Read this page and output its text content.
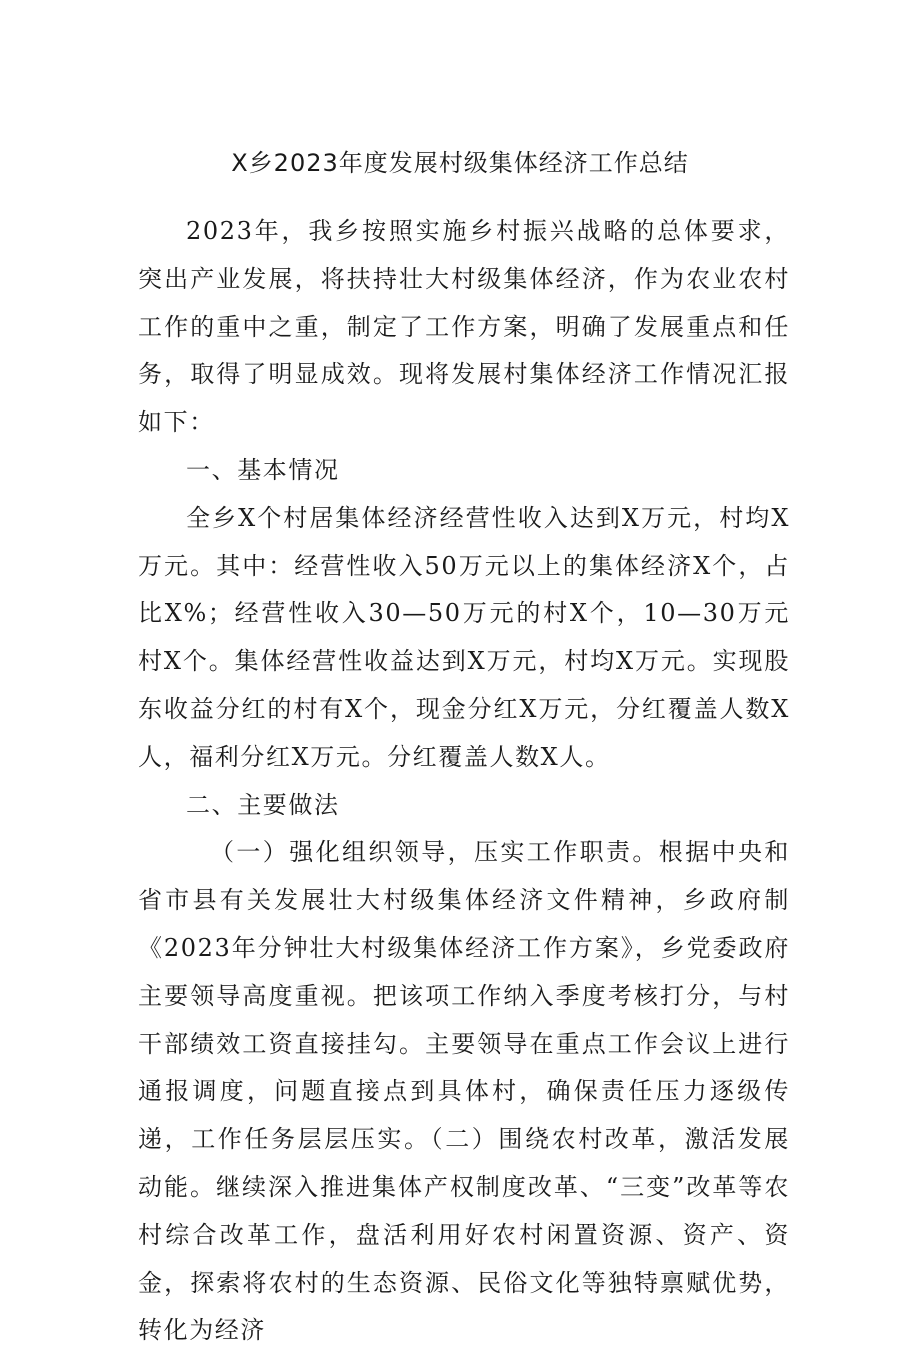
X乡2023年度发展村级集体经济工作总结

2023年，我乡按照实施乡村振兴战略的总体要求，突出产业发展，将扶持壮大村级集体经济，作为农业农村工作的重中之重，制定了工作方案，明确了发展重点和任务，取得了明显成效。现将发展村集体经济工作情况汇报如下：

一、基本情况

全乡X个村居集体经济经营性收入达到X万元，村均X万元。其中：经营性收入50万元以上的集体经济X个，占比X%；经营性收入30—50万元的村X个，10—30万元村X个。集体经营性收益达到X万元，村均X万元。实现股东收益分红的村有X个，现金分红X万元，分红覆盖人数X人，福利分红X万元。分红覆盖人数X人。

二、主要做法

（一）强化组织领导，压实工作职责。根据中央和省市县有关发展壮大村级集体经济文件精神，乡政府制《2023年分钟壮大村级集体经济工作方案》，乡党委政府主要领导高度重视。把该项工作纳入季度考核打分，与村干部绩效工资直接挂勾。主要领导在重点工作会议上进行通报调度，问题直接点到具体村，确保责任压力逐级传递，工作任务层层压实。（二）围绕农村改革，激活发展动能。继续深入推进集体产权制度改革、“三变”改革等农村综合改革工作，盘活利用好农村闲置资源、资产、资金，探索将农村的生态资源、民俗文化等独特禀赋优势，转化为经济
